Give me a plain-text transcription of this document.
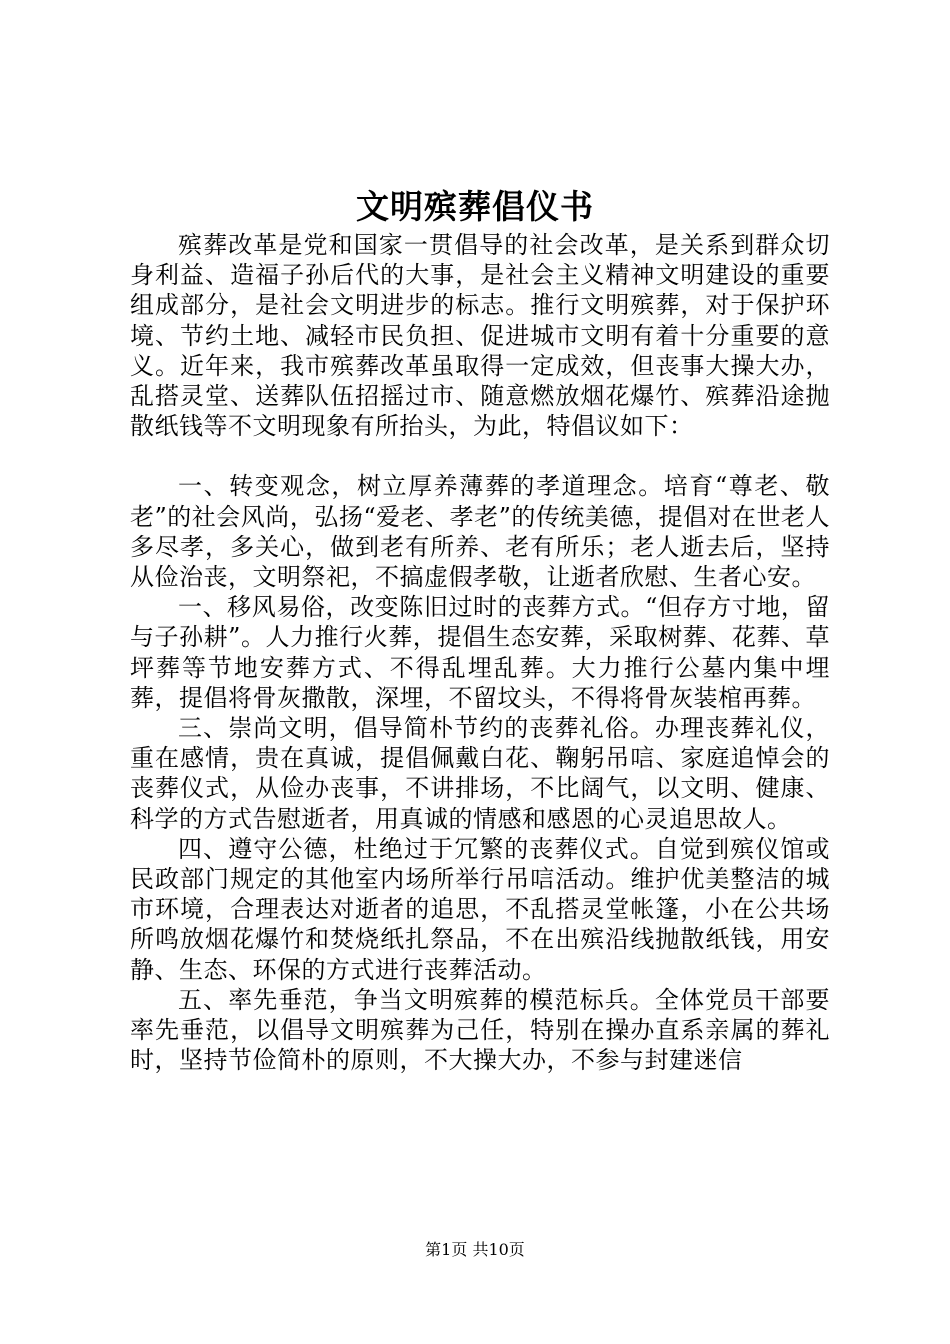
文明殡葬倡仪书

殡葬改革是党和国家一贯倡导的社会改革，是关系到群众切身利益、造福子孙后代的大事，是社会主义精神文明建设的重要组成部分，是社会文明进步的标志。推行文明殡葬，对于保护环境、节约土地、减轻市民负担、促进城市文明有着十分重要的意义。近年来，我市殡葬改革虽取得一定成效，但丧事大操大办，乱搭灵堂、送葬队伍招摇过市、随意燃放烟花爆竹、殡葬沿途抛散纸钱等不文明现象有所抬头，为此，特倡议如下：

一、转变观念，树立厚养薄葬的孝道理念。培育“尊老、敬老”的社会风尚，弘扬“爱老、孝老”的传统美德，提倡对在世老人多尽孝，多关心，做到老有所养、老有所乐；老人逝去后，坚持从俭治丧，文明祭祀，不搞虚假孝敬，让逝者欣慰、生者心安。

一、移风易俗，改变陈旧过时的丧葬方式。“但存方寸地，留与子孙耕”。人力推行火葬，提倡生态安葬，采取树葬、花葬、草坪葬等节地安葬方式、不得乱埋乱葬。大力推行公墓内集中埋葬，提倡将骨灰撒散，深埋，不留坟头，不得将骨灰装棺再葬。

三、崇尚文明，倡导简朴节约的丧葬礼俗。办理丧葬礼仪，重在感情，贵在真诚，提倡佩戴白花、鞠躬吊唁、家庭追悼会的丧葬仪式，从俭办丧事，不讲排场，不比阔气，以文明、健康、科学的方式告慰逝者，用真诚的情感和感恩的心灵追思故人。

四、遵守公德，杜绝过于冗繁的丧葬仪式。自觉到殡仪馆或民政部门规定的其他室内场所举行吊唁活动。维护优美整洁的城市环境，合理表达对逝者的追思，不乱搭灵堂帐篷，小在公共场所鸣放烟花爆竹和焚烧纸扎祭品，不在出殡沿线抛散纸钱，用安静、生态、环保的方式进行丧葬活动。

五、率先垂范，争当文明殡葬的模范标兵。全体党员干部要率先垂范，以倡导文明殡葬为己任，特别在操办直系亲属的葬礼时，坚持节俭简朴的原则，不大操大办，不参与封建迷信

第1页 共10页
